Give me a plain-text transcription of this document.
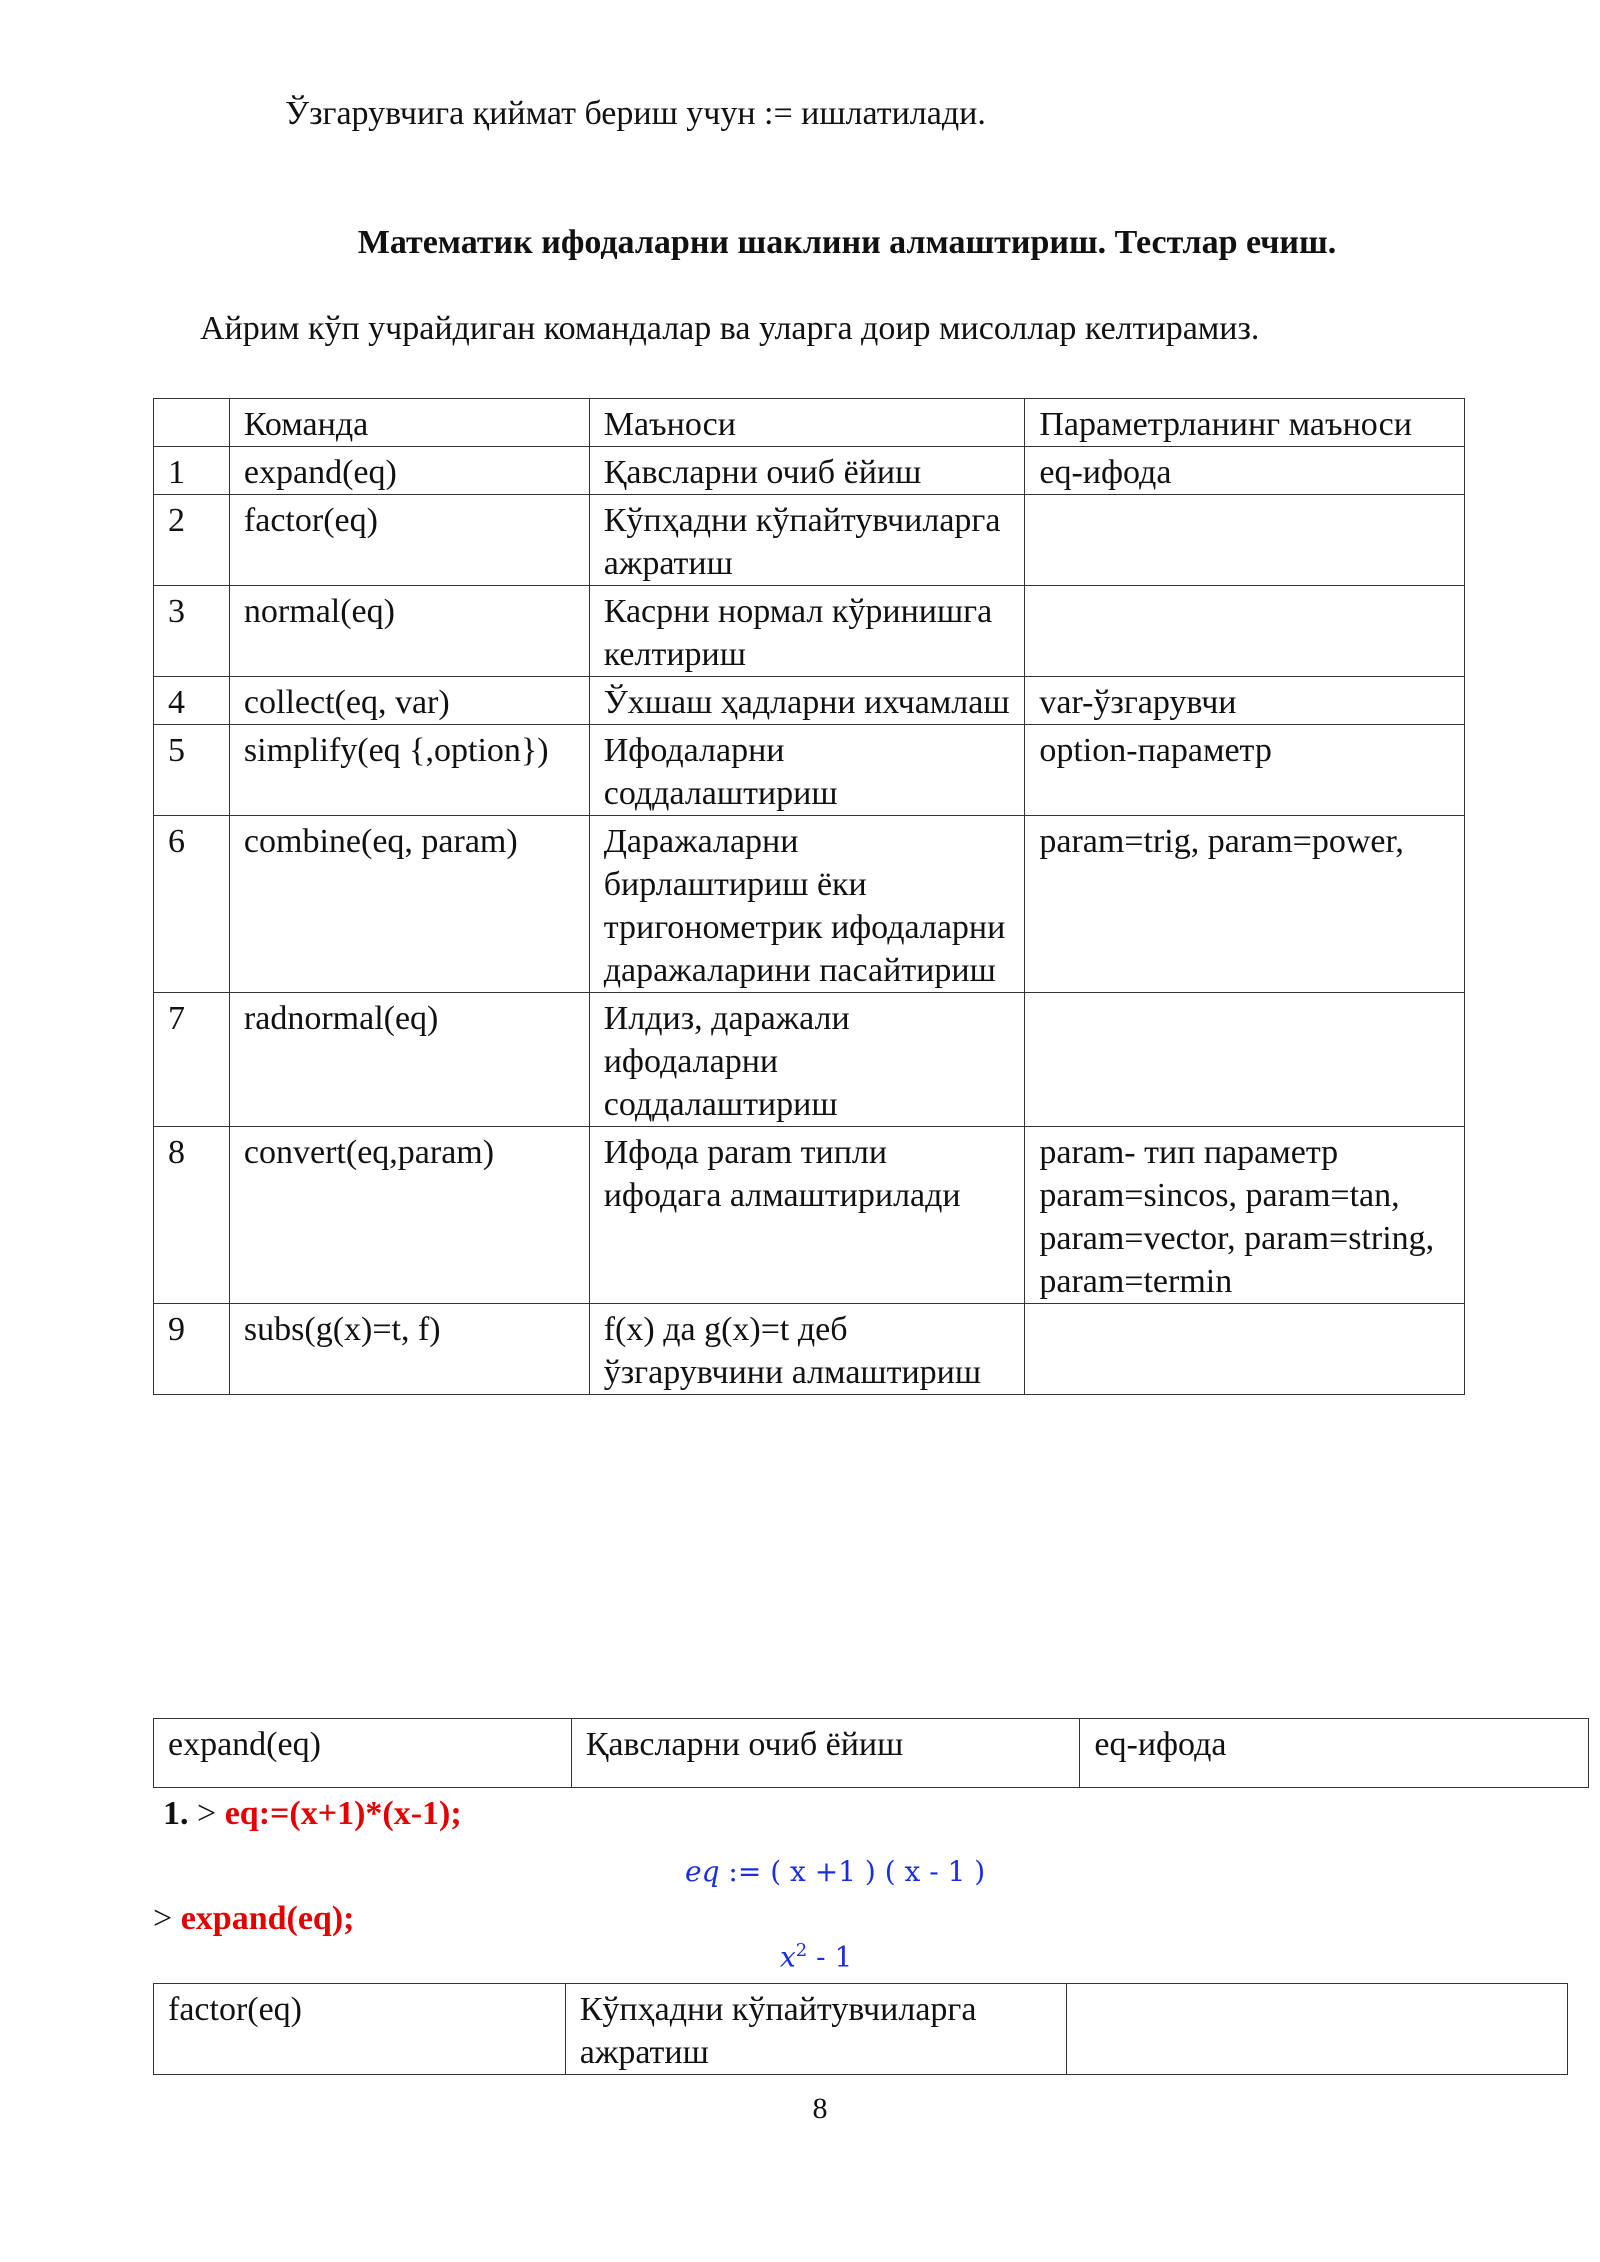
Ўзгарувчига қиймат бериш учун := ишлатилади.
Математик ифодаларни шаклини алмаштириш. Тестлар ечиш.
Айрим кўп учрайдиган командалар ва уларга доир мисоллар келтирамиз.
	Команда	Маъноси	Параметрланинг маъноси
1	expand(eq)	Қавсларни очиб ёйиш	eq-ифода
2	factor(eq)	Кўпҳадни кўпайтувчиларга ажратиш	
3	normal(eq)	Касрни нормал кўринишга келтириш	
4	collect(eq, var)	Ўхшаш ҳадларни ихчамлаш	var-ўзгарувчи
5	simplify(eq {,option})	Ифодаларни соддалаштириш	option-параметр
6	combine(eq, param)	Даражаларни бирлаштириш ёки тригонометрик ифодаларни даражаларини пасайтириш	param=trig, param=power,
7	radnormal(eq)	Илдиз, даражали ифодаларни соддалаштириш	
8	convert(eq,param)	Ифода param типли ифодага алмаштирилади	param- тип параметр param=sincos, param=tan, param=vector, param=string, param=termin
9	subs(g(x)=t, f)	f(x) да g(x)=t деб ўзгарувчини алмаштириш	
expand(eq)	Қавсларни очиб ёйиш	eq-ифода
1. > eq:=(x+1)*(x-1);
eq := ( x +1 ) ( x - 1 )
> expand(eq);
$x^2 - 1$
factor(eq)	Кўпҳадни кўпайтувчиларга ажратиш	
8
